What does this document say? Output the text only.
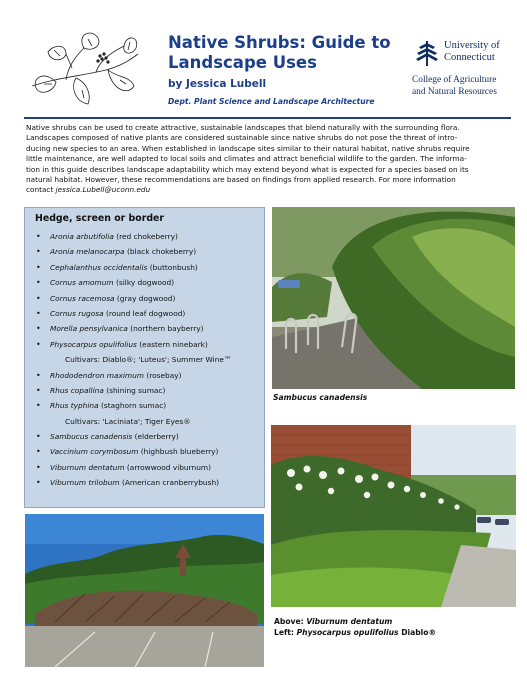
Native Shrubs: Guide to
Landscape Uses
by Jessica Lubell
Dept. Plant Science and Landscape Architecture
University of
Connecticut
College of Agriculture
and Natural Resources
Native shrubs can be used to create attractive, sustainable landscapes that blend naturally with the surrounding flora.
Landscapes composed of native plants are considered sustainable since native shrubs do not pose the threat of intro-
ducing new species to an area. When established in landscape sites similar to their natural habitat, native shrubs require
little maintenance, are well adapted to local soils and climates and attract beneficial wildlife to the garden. The informa-
tion in this guide describes landscape adaptability which may extend beyond what is expected for a species based on its
natural habitat. However, these recommendations are based on findings from applied research. For more information
contact jessica.Lubell@uconn.edu
Hedge, screen or border
• Aronia arbutifolia (red chokeberry)
• Aronia melanocarpa (black chokeberry)
• Cephalanthus occidentalis (buttonbush)
• Cornus amomum (silky dogwood)
• Cornus racemosa (gray dogwood)
• Cornus rugosa (round leaf dogwood)
• Morella pensylvanica (northern bayberry)
• Physocarpus opulifolius (eastern ninebark)
Cultivars: Diablo®; 'Luteus'; Summer Wine™
• Rhododendron maximum (rosebay)
• Rhus copallina (shining sumac)
• Rhus typhina (staghorn sumac)
Cultivars: 'Laciniata'; Tiger Eyes®
• Sambucus canadensis (elderberry)
• Vaccinium corymbosum (highbush blueberry)
• Viburnum dentatum (arrowwood viburnum)
• Viburnum trilobum (American cranberrybush)
Sambucus canadensis
Above: Viburnum dentatum
Left: Physocarpus opulifolius Diablo®
